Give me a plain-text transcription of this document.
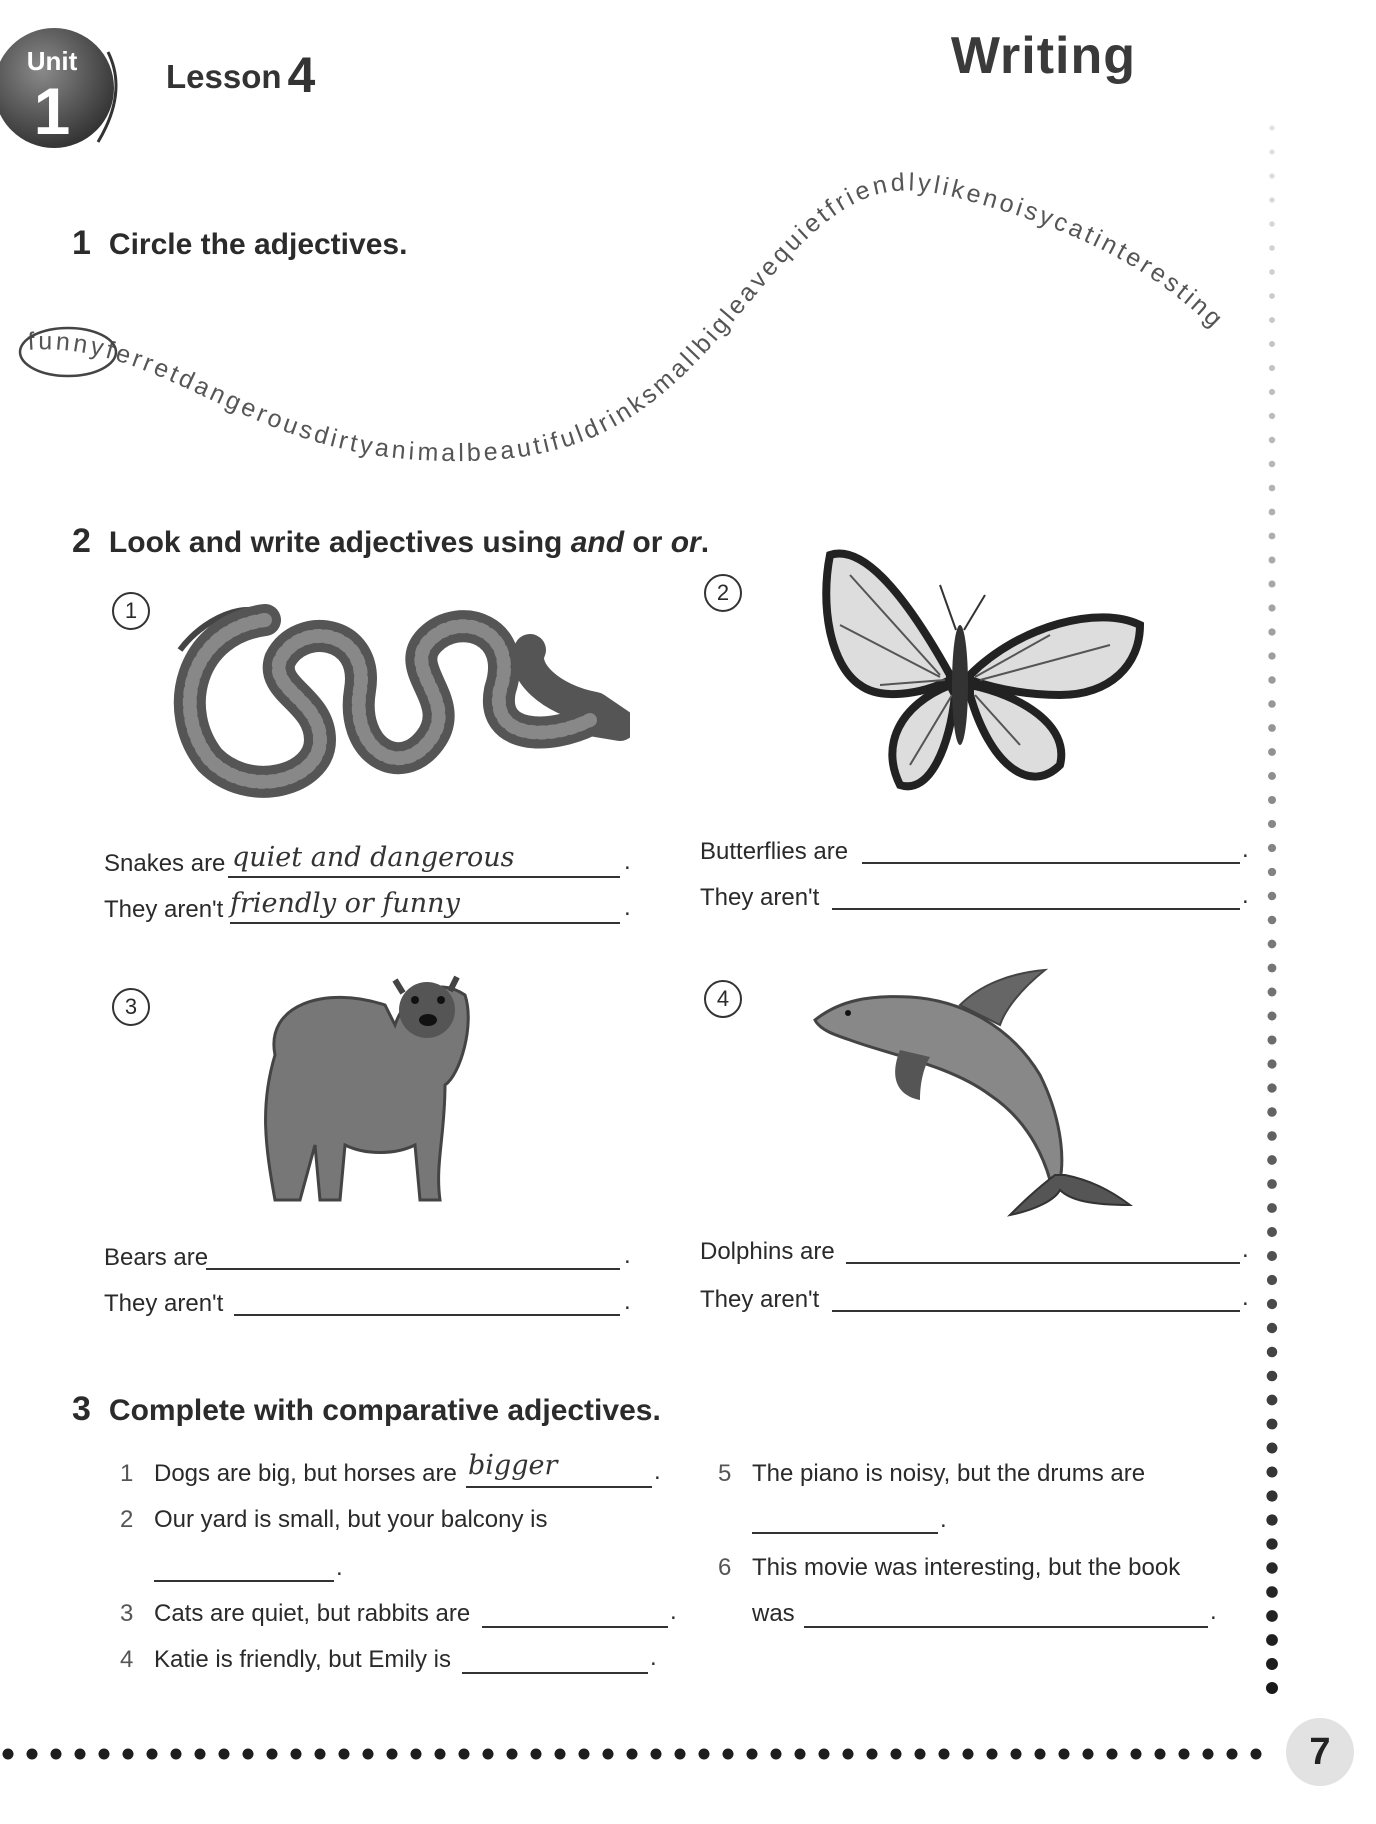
Unit
1	Lesson 4	Writing
1 Circle the adjectives.
funnyferretdangerousdirtyanimalbeautifuldrinksmallbigleavequietfriendlylikenoisycatinteresting
2 Look and write adjectives using and or or.
1
Snakes are quiet and dangerous	.
They aren't friendly or funny	.
2
Butterflies are	.
They aren't	.
3
Bears are	.
They aren't	.
4
Dolphins are	.
They aren't	.
3 Complete with comparative adjectives.
1 Dogs are big, but horses are bigger	.
2 Our yard is small, but your balcony is
.
3 Cats are quiet, but rabbits are	.
4 Katie is friendly, but Emily is	.
5 The piano is noisy, but the drums are
.
6 This movie was interesting, but the book
was	.
7
